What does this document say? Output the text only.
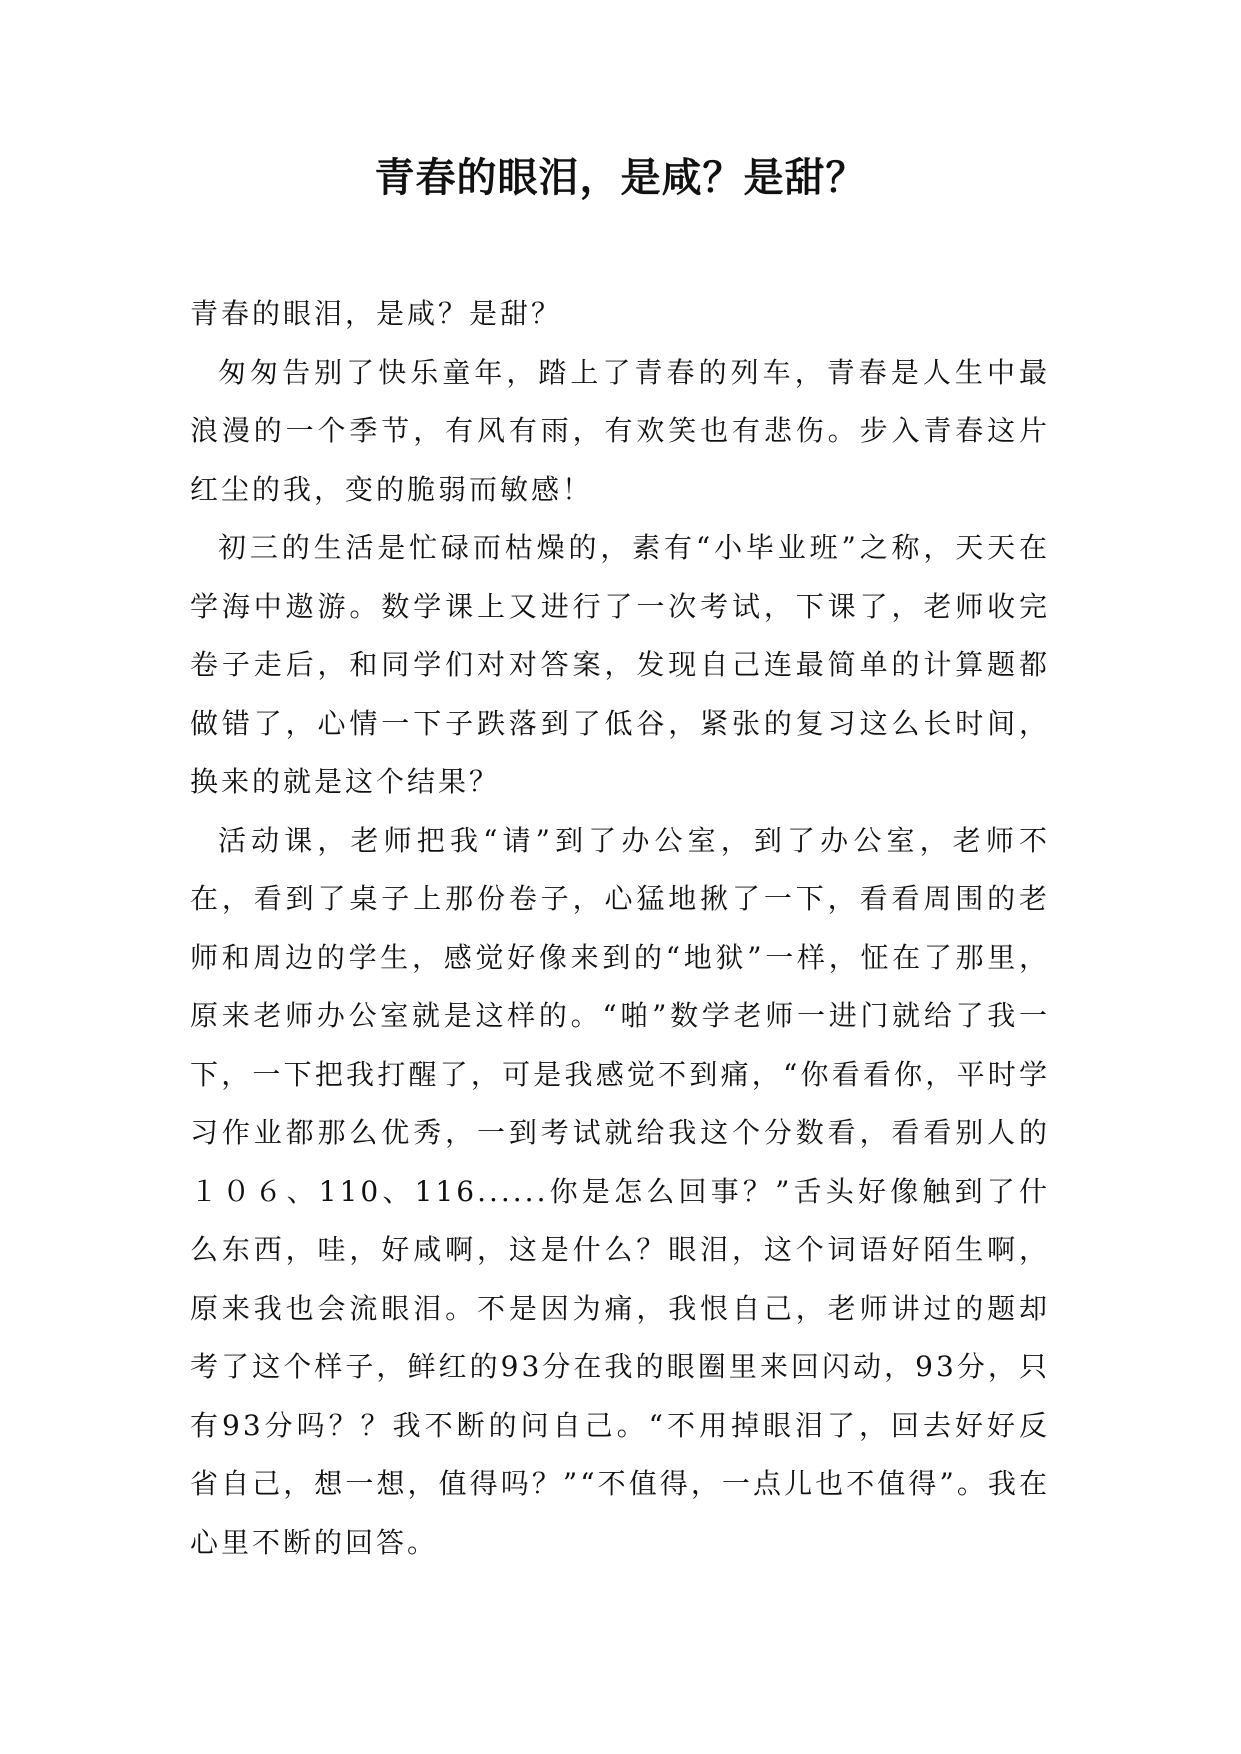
青春的眼泪，是咸？是甜？

青春的眼泪，是咸？是甜？

匆匆告别了快乐童年，踏上了青春的列车，青春是人生中最浪漫的一个季节，有风有雨，有欢笑也有悲伤。步入青春这片红尘的我，变的脆弱而敏感！

初三的生活是忙碌而枯燥的，素有“小毕业班”之称，天天在学海中遨游。数学课上又进行了一次考试，下课了，老师收完卷子走后，和同学们对对答案，发现自己连最简单的计算题都做错了，心情一下子跌落到了低谷，紧张的复习这么长时间，换来的就是这个结果？

活动课，老师把我“请”到了办公室，到了办公室，老师不在，看到了桌子上那份卷子，心猛地揪了一下，看看周围的老师和周边的学生，感觉好像来到的“地狱”一样，怔在了那里，原来老师办公室就是这样的。“啪”数学老师一进门就给了我一下，一下把我打醒了，可是我感觉不到痛，“你看看你，平时学习作业都那么优秀，一到考试就给我这个分数看，看看别人的１０６、110、116......你是怎么回事？”舌头好像触到了什么东西，哇，好咸啊，这是什么？眼泪，这个词语好陌生啊，原来我也会流眼泪。不是因为痛，我恨自己，老师讲过的题却考了这个样子，鲜红的93分在我的眼圈里来回闪动，93分，只有93分吗？？我不断的问自己。“不用掉眼泪了，回去好好反省自己，想一想，值得吗？”“不值得，一点儿也不值得”。我在心里不断的回答。
